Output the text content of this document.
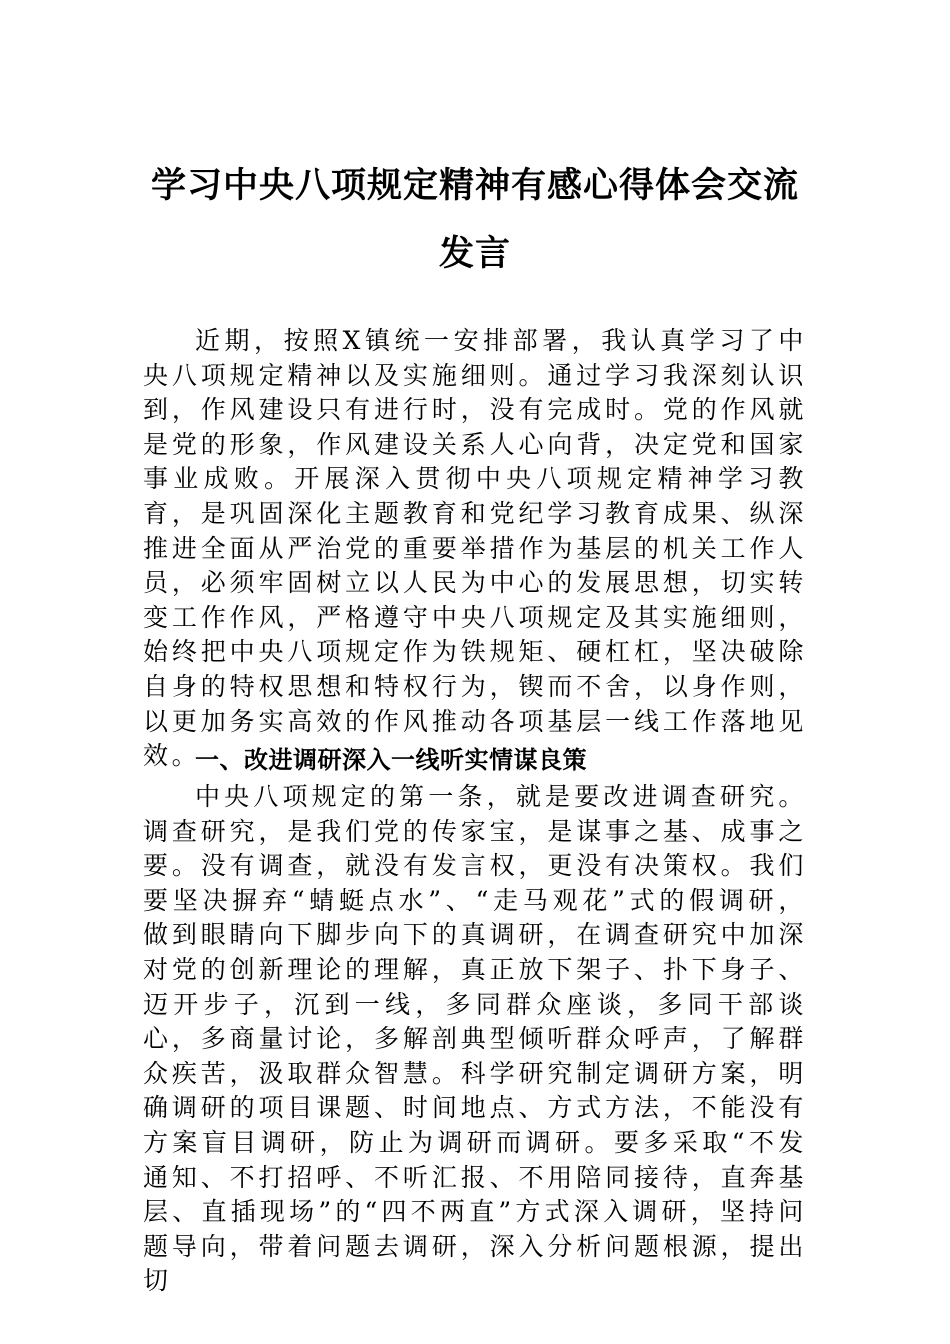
学习中央八项规定精神有感心得体会交流
发言

近期，按照X镇统一安排部署，我认真学习了中央八项规定精神以及实施细则。通过学习我深刻认识到，作风建设只有进行时，没有完成时。党的作风就是党的形象，作风建设关系人心向背，决定党和国家事业成败。开展深入贯彻中央八项规定精神学习教育，是巩固深化主题教育和党纪学习教育成果、纵深推进全面从严治党的重要举措作为基层的机关工作人员，必须牢固树立以人民为中心的发展思想，切实转变工作作风，严格遵守中央八项规定及其实施细则，始终把中央八项规定作为铁规矩、硬杠杠，坚决破除自身的特权思想和特权行为，锲而不舍，以身作则，以更加务实高效的作风推动各项基层一线工作落地见效。

一、改进调研深入一线听实情谋良策

中央八项规定的第一条，就是要改进调查研究。调查研究，是我们党的传家宝，是谋事之基、成事之要。没有调查，就没有发言权，更没有决策权。我们要坚决摒弃“蜻蜓点水”、“走马观花”式的假调研，做到眼睛向下脚步向下的真调研，在调查研究中加深对党的创新理论的理解，真正放下架子、扑下身子、迈开步子，沉到一线，多同群众座谈，多同干部谈心，多商量讨论，多解剖典型倾听群众呼声，了解群众疾苦，汲取群众智慧。科学研究制定调研方案，明确调研的项目课题、时间地点、方式方法，不能没有方案盲目调研，防止为调研而调研。要多采取“不发通知、不打招呼、不听汇报、不用陪同接待，直奔基层、直插现场”的“四不两直”方式深入调研，坚持问题导向，带着问题去调研，深入分析问题根源，提出切
